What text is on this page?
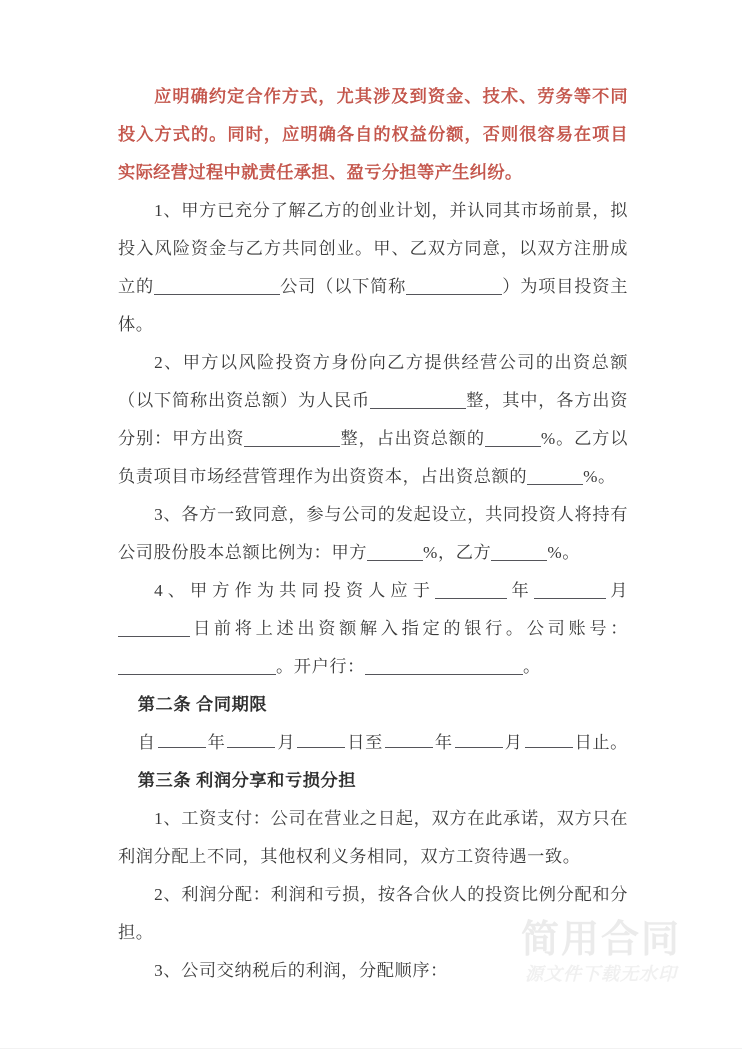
应明确约定合作方式，尤其涉及到资金、技术、劳务等不同投入方式的。同时，应明确各自的权益份额，否则很容易在项目实际经营过程中就责任承担、盈亏分担等产生纠纷。

1、甲方已充分了解乙方的创业计划，并认同其市场前景，拟投入风险资金与乙方共同创业。甲、乙双方同意，以双方注册成立的	公司（以下简称	）为项目投资主体。

2、甲方以风险投资方身份向乙方提供经营公司的出资总额（以下简称出资总额）为人民币	整，其中，各方出资分别：甲方出资	整，占出资总额的	%。乙方以负责项目市场经营管理作为出资资本，占出资总额的	%。

3、各方一致同意，参与公司的发起设立，共同投资人将持有公司股份股本总额比例为：甲方	%，乙方	%。

4、甲方作为共同投资人应于	年	月日前将上述出资额解入指定的银行。公司账号：。开户行：	。

第二条 合同期限

自	年	月	日至	年	月	日止。

第三条 利润分享和亏损分担

1、工资支付：公司在营业之日起，双方在此承诺，双方只在利润分配上不同，其他权利义务相同，双方工资待遇一致。

2、利润分配：利润和亏损，按各合伙人的投资比例分配和分担。

3、公司交纳税后的利润，分配顺序：

简用合同
源文件下载无水印
